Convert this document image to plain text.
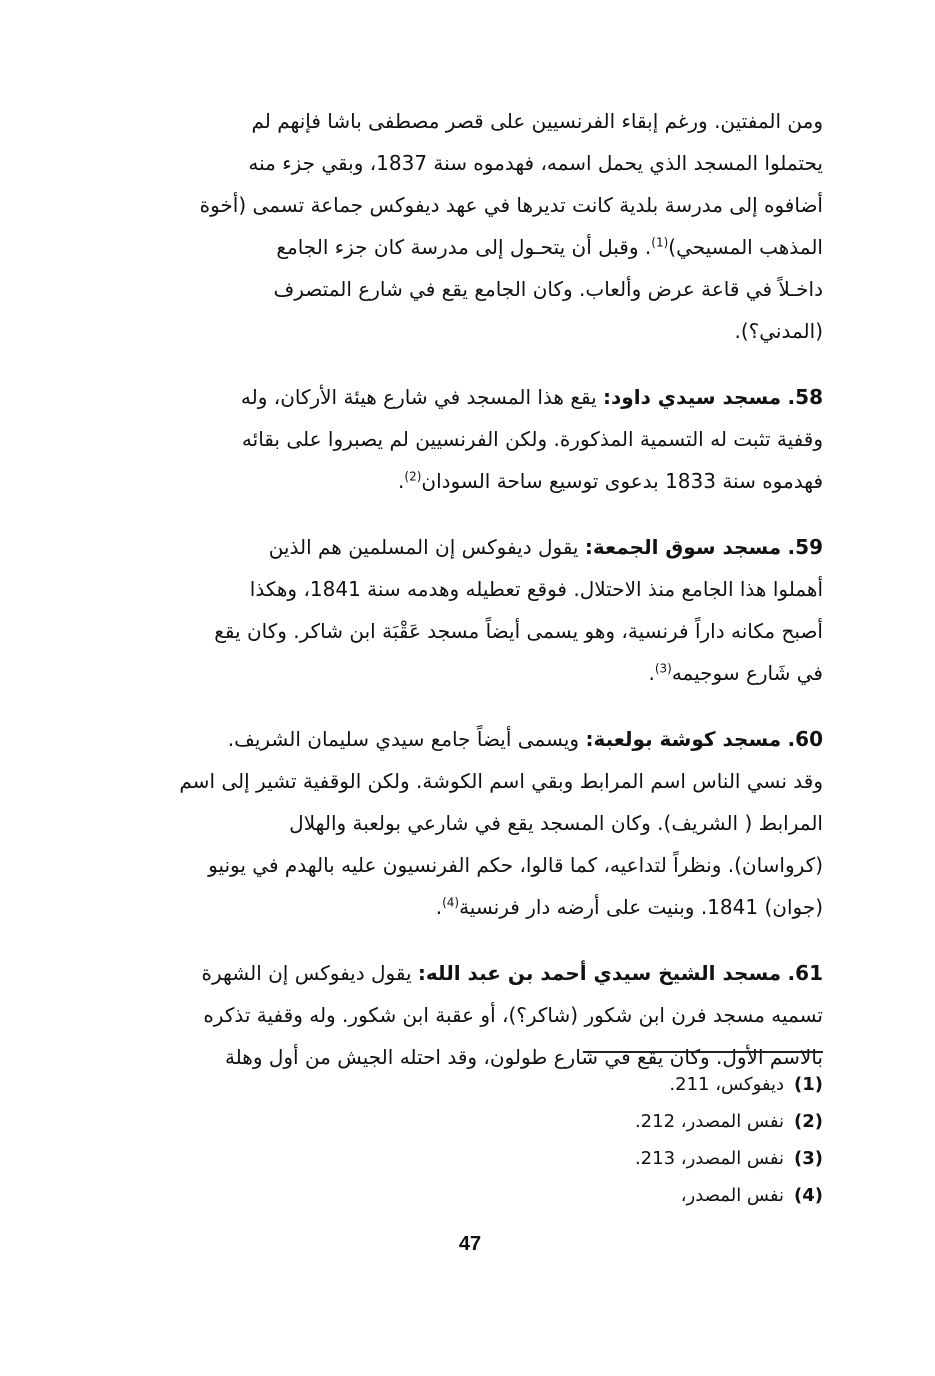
ومن المفتين. ورغم إبقاء الفرنسيين على قصر مصطفى باشا فإنهم لم
يحتملوا المسجد الذي يحمل اسمه، فهدموه سنة 1837، وبقي جزء منه
أضافوه إلى مدرسة بلدية كانت تديرها في عهد ديفوكس جماعة تسمى (أخوة
المذهب المسيحي)$^{(1)}$. وقبل أن يتحـول إلى مدرسة كان جزء الجامع
داخـلاً في قاعة عرض وألعاب. وكان الجامع يقع في شارع المتصرف
(المدني؟).

58. مسجد سيدي داود: يقع هذا المسجد في شارع هيئة الأركان، وله
وقفية تثبت له التسمية المذكورة. ولكن الفرنسيين لم يصبروا على بقائه
فهدموه سنة 1833 بدعوى توسيع ساحة السودان$^{(2)}$.

59. مسجد سوق الجمعة: يقول ديفوكس إن المسلمين هم الذين
أهملوا هذا الجامع منذ الاحتلال. فوقع تعطيله وهدمه سنة 1841، وهكذا
أصبح مكانه داراً فرنسية، وهو يسمى أيضاً مسجد عَقْبَة ابن شاكر. وكان يقع
في شَارع سوجيمه$^{(3)}$.

60. مسجد كوشة بولعبة: ويسمى أيضاً جامع سيدي سليمان الشريف.
وقد نسي الناس اسم المرابط وبقي اسم الكوشة. ولكن الوقفية تشير إلى اسم
المرابط ( الشريف). وكان المسجد يقع في شارعي بولعبة والهلال
(كرواسان). ونظراً لتداعيه، كما قالوا، حكم الفرنسيون عليه بالهدم في يونيو
(جوان) 1841. وبنيت على أرضه دار فرنسية$^{(4)}$.

61. مسجد الشيخ سيدي أحمد بن عبد الله: يقول ديفوكس إن الشهرة
تسميه مسجد فرن ابن شكور (شاكر؟)، أو عقبة ابن شكور. وله وقفية تذكره
بالاسم الأول. وكان يقع في شارع طولون، وقد احتله الجيش من أول وهلة

(1)ديفوكس، 211.
(2)نفس المصدر، 212.
(3)نفس المصدر، 213.
(4)نفس المصدر،
47
